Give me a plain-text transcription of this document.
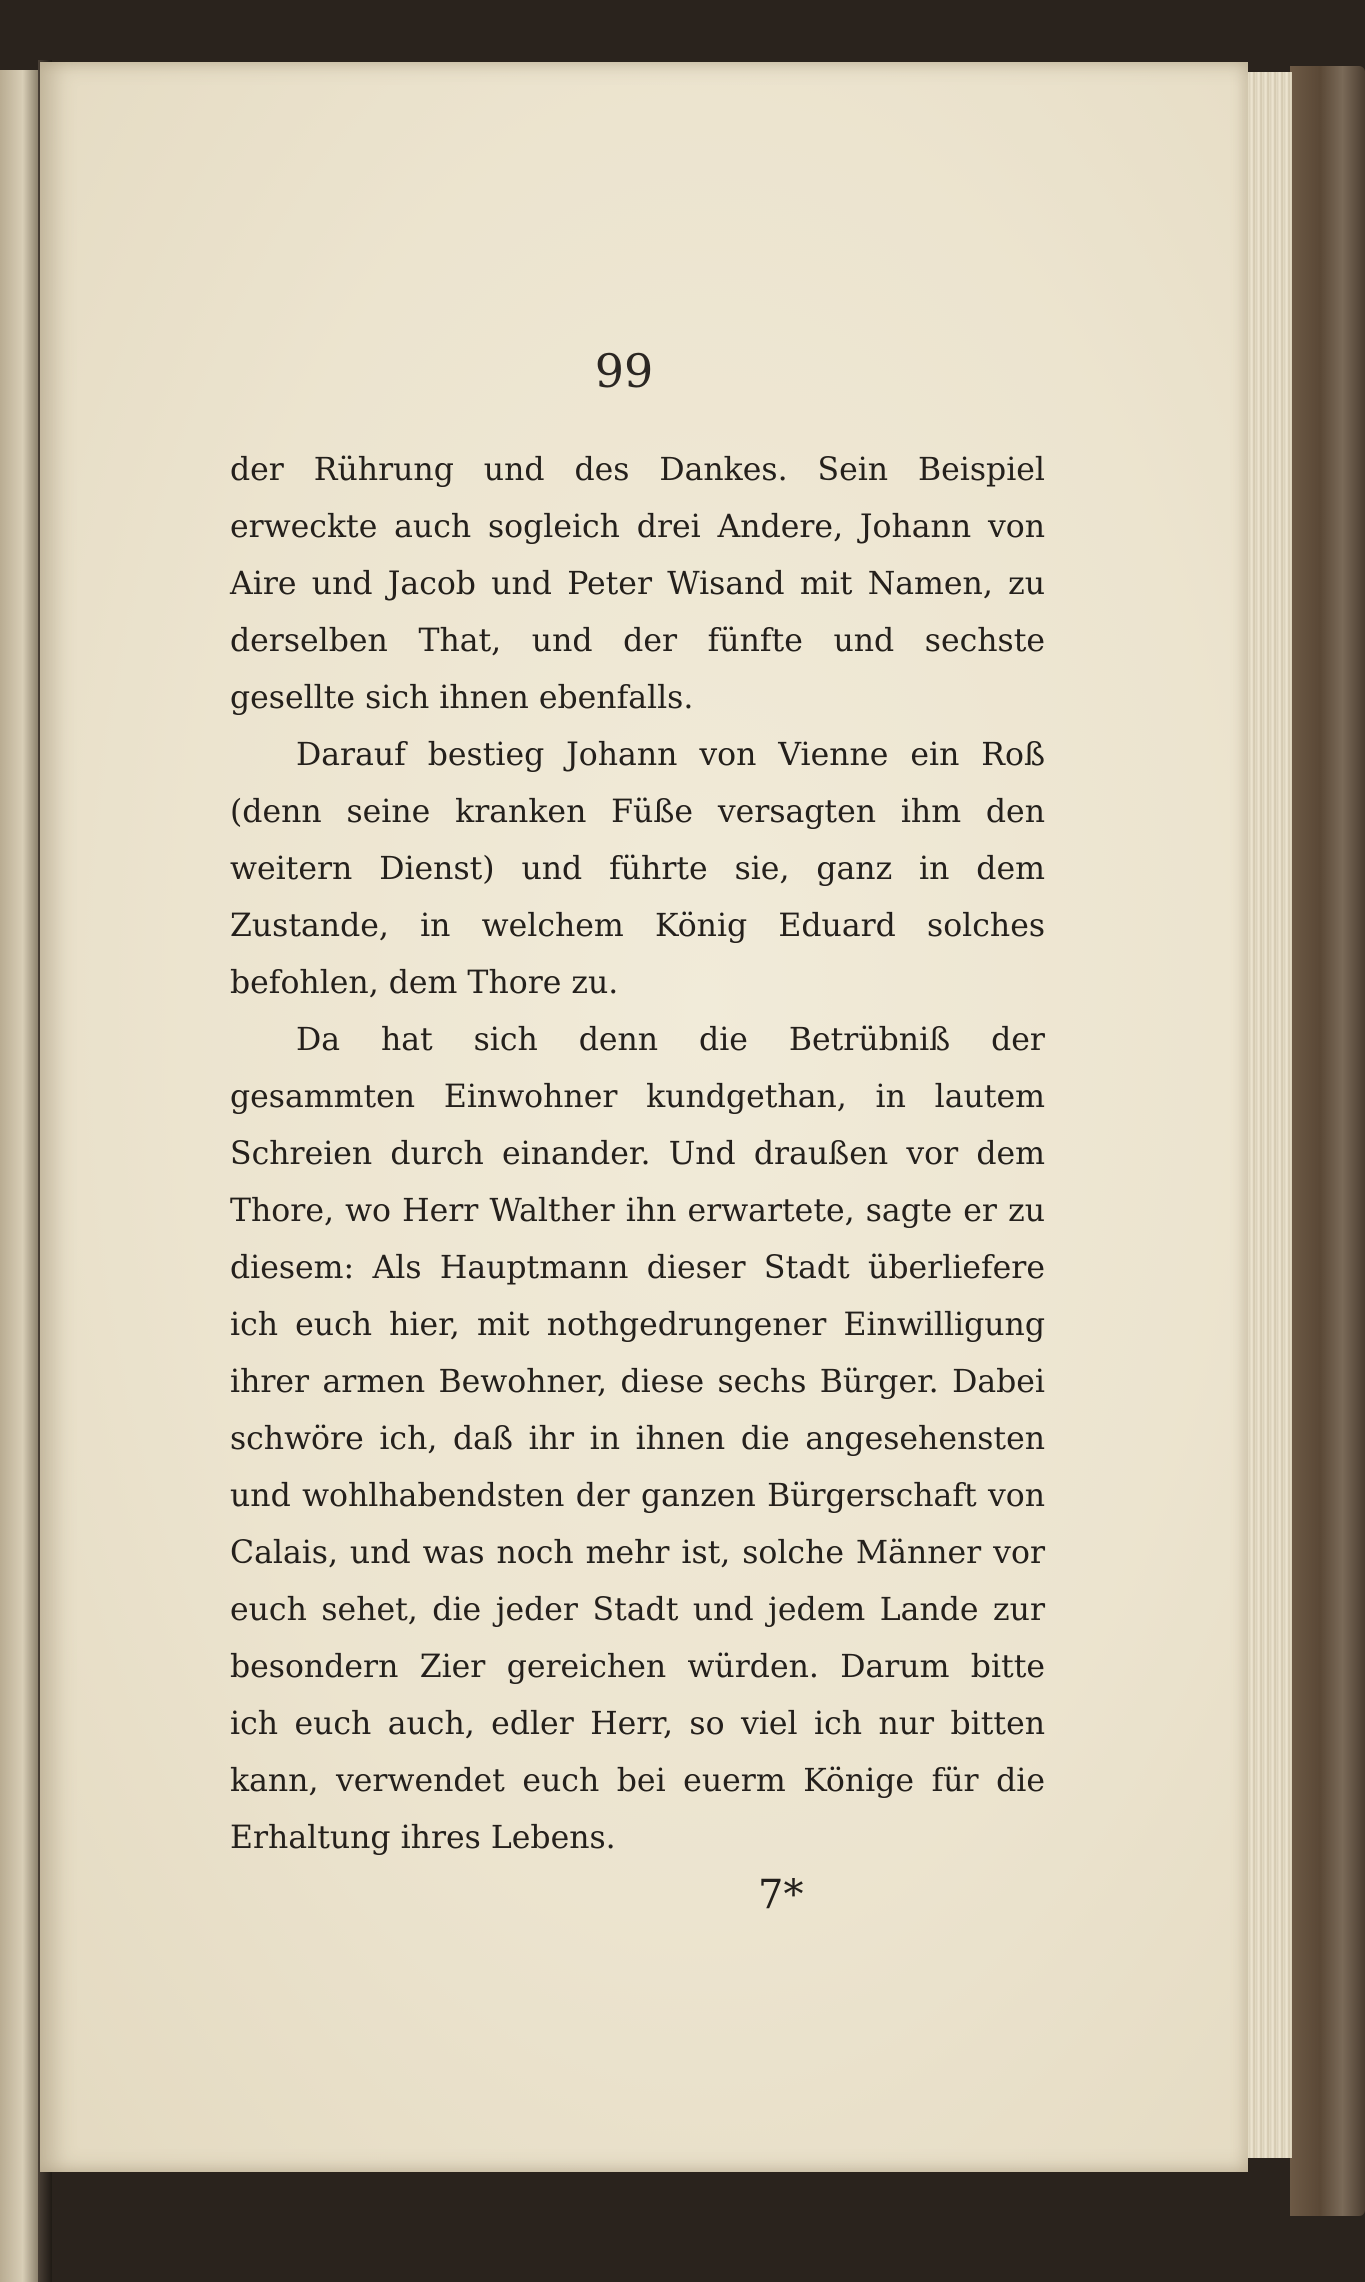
99

der Rührung und des Dankes. Sein Beispiel erweckte auch sogleich drei Andere, Johann von Aire und Jacob und Peter Wisand mit Namen, zu derselben That, und der fünfte und sechste gesellte sich ihnen ebenfalls.

Darauf bestieg Johann von Vienne ein Roß (denn seine kranken Füße versagten ihm den weitern Dienst) und führte sie, ganz in dem Zustande, in welchem König Eduard solches befohlen, dem Thore zu.

Da hat sich denn die Betrübniß der gesammten Einwohner kundgethan, in lautem Schreien durch einander. Und draußen vor dem Thore, wo Herr Walther ihn erwartete, sagte er zu diesem: Als Hauptmann dieser Stadt überliefere ich euch hier, mit nothgedrungener Einwilligung ihrer armen Bewohner, diese sechs Bürger. Dabei schwöre ich, daß ihr in ihnen die angesehensten und wohlhabendsten der ganzen Bürgerschaft von Calais, und was noch mehr ist, solche Männer vor euch sehet, die jeder Stadt und jedem Lande zur besondern Zier gereichen würden. Darum bitte ich euch auch, edler Herr, so viel ich nur bitten kann, verwendet euch bei euerm Könige für die Erhaltung ihres Lebens.

7*
